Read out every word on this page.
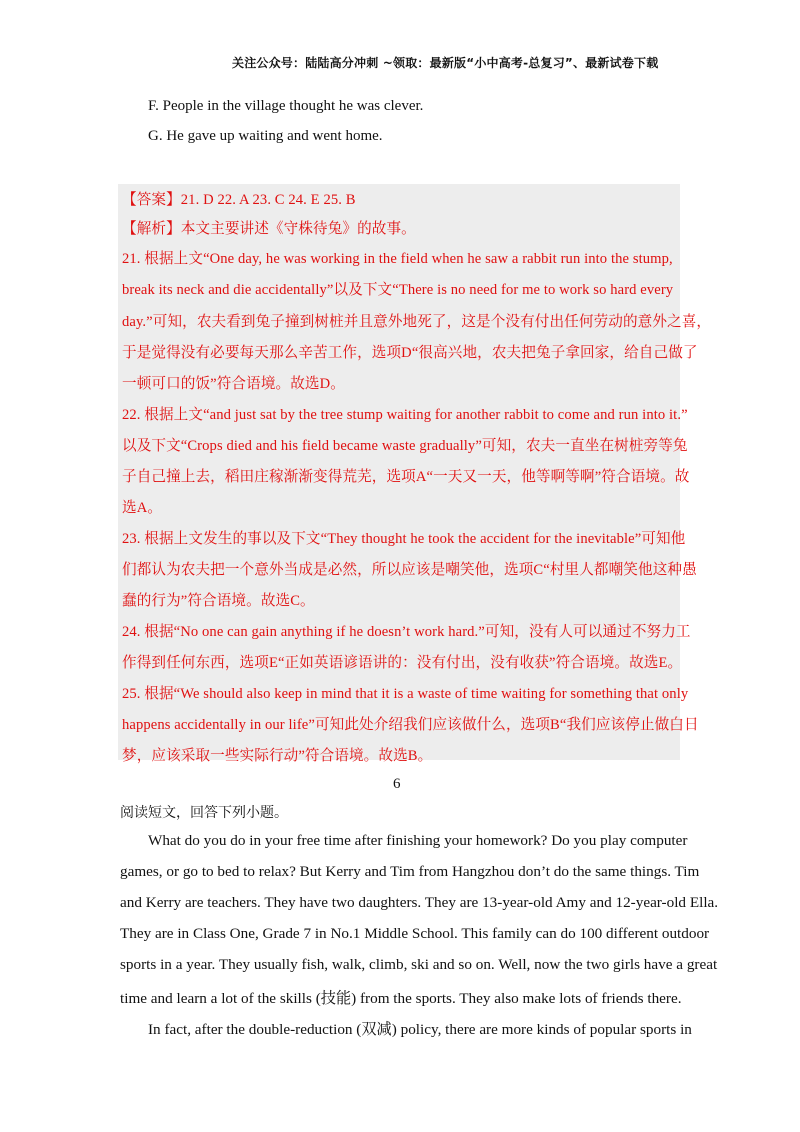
关注公众号：陆陆高分冲刺 ~领取：最新版“小中高考-总复习”、最新试卷下载
F. People in the village thought he was clever.
G. He gave up waiting and went home.
【答案】21. D 22. A 23. C 24. E 25. B
【解析】本文主要讲述《守株待兔》的故事。
21. 根据上文“One day, he was working in the field when he saw a rabbit run into the stump,
break its neck and die accidentally”以及下文“There is no need for me to work so hard every
day.”可知，农夫看到兔子撞到树桩并且意外地死了，这是个没有付出任何劳动的意外之喜，
于是觉得没有必要每天那么辛苦工作，选项D“很高兴地，农夫把兔子拿回家，给自己做了
一顿可口的饭”符合语境。故选D。
22. 根据上文“and just sat by the tree stump waiting for another rabbit to come and run into it.”
以及下文“Crops died and his field became waste gradually”可知，农夫一直坐在树桩旁等兔
子自己撞上去，稻田庄稼渐渐变得荒芜，选项A“一天又一天，他等啊等啊”符合语境。故
选A。
23. 根据上文发生的事以及下文“They thought he took the accident for the inevitable”可知他
们都认为农夫把一个意外当成是必然，所以应该是嘲笑他，选项C“村里人都嘲笑他这种愚
蠢的行为”符合语境。故选C。
24. 根据“No one can gain anything if he doesn’t work hard.”可知，没有人可以通过不努力工
作得到任何东西，选项E“正如英语谚语讲的：没有付出，没有收获”符合语境。故选E。
25. 根据“We should also keep in mind that it is a waste of time waiting for something that only
happens accidentally in our life”可知此处介绍我们应该做什么，选项B“我们应该停止做白日
梦，应该采取一些实际行动”符合语境。故选B。
6
阅读短文，回答下列小题。
What do you do in your free time after finishing your homework? Do you play computer
games, or go to bed to relax? But Kerry and Tim from Hangzhou don’t do the same things. Tim
and Kerry are teachers. They have two daughters. They are 13-year-old Amy and 12-year-old Ella.
They are in Class One, Grade 7 in No.1 Middle School. This family can do 100 different outdoor
sports in a year. They usually fish, walk, climb, ski and so on. Well, now the two girls have a great
time and learn a lot of the skills (技能) from the sports. They also make lots of friends there.
In fact, after the double-reduction (双减) policy, there are more kinds of popular sports in
